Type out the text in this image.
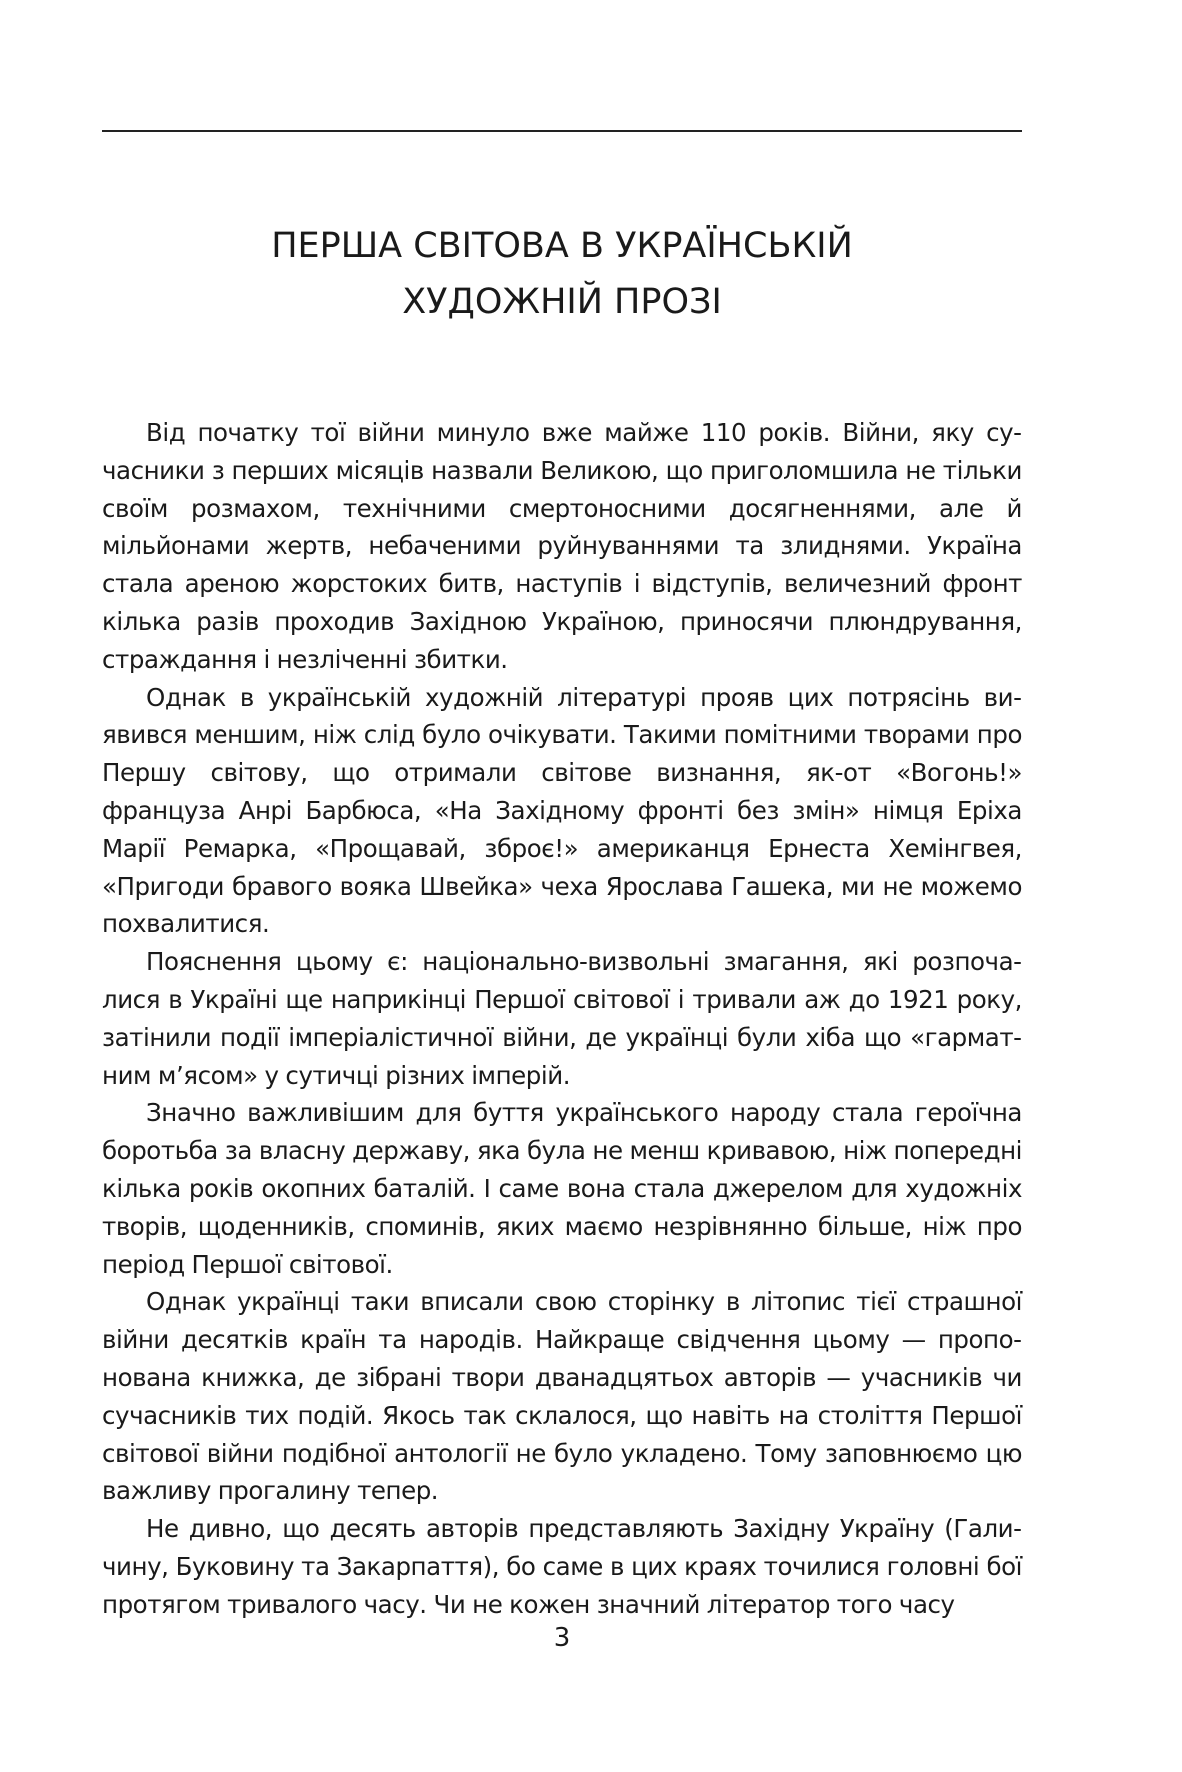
ПЕРША СВІТОВА В УКРАЇНСЬКІЙ
ХУДОЖНІЙ ПРОЗІ

Від початку тої війни минуло вже майже 110 років. Війни, яку сучасники з перших місяців назвали Великою, що приголомшила не тільки своїм розмахом, технічними смертоносними досягненнями, але й мільйонами жертв, небаченими руйнуваннями та злиднями. Україна стала ареною жорстоких битв, наступів і відступів, величезний фронт кілька разів проходив Західною Україною, приносячи плюндрування, страждання і незліченні збитки.

Однак в українській художній літературі прояв цих потрясінь виявився меншим, ніж слід було очікувати. Такими помітними творами про Першу світову, що отримали світове визнання, як-от «Вогонь!» француза Анрі Барбюса, «На Західному фронті без змін» німця Еріха Марії Ремарка, «Прощавай, зброє!» американця Ернеста Хемінгвея, «Пригоди бравого вояка Швейка» чеха Ярослава Гашека, ми не можемо похвалитися.

Пояснення цьому є: національно-визвольні змагання, які розпочалися в Україні ще наприкінці Першої світової і тривали аж до 1921 року, затінили події імперіалістичної війни, де українці були хіба що «гарматним м’ясом» у сутичці різних імперій.

Значно важливішим для буття українського народу стала героїчна боротьба за власну державу, яка була не менш кривавою, ніж попередні кілька років окопних баталій. І саме вона стала джерелом для художніх творів, щоденників, споминів, яких маємо незрівнянно більше, ніж про період Першої світової.

Однак українці таки вписали свою сторінку в літопис тієї страшної війни десятків країн та народів. Найкраще свідчення цьому — пропонована книжка, де зібрані твори дванадцятьох авторів — учасників чи сучасників тих подій. Якось так склалося, що навіть на століття Першої світової війни подібної антології не було укладено. Тому заповнюємо цю важливу прогалину тепер.

Не дивно, що десять авторів представляють Західну Україну (Галичину, Буковину та Закарпаття), бо саме в цих краях точилися головні бої протягом тривалого часу. Чи не кожен значний літератор того часу

3
